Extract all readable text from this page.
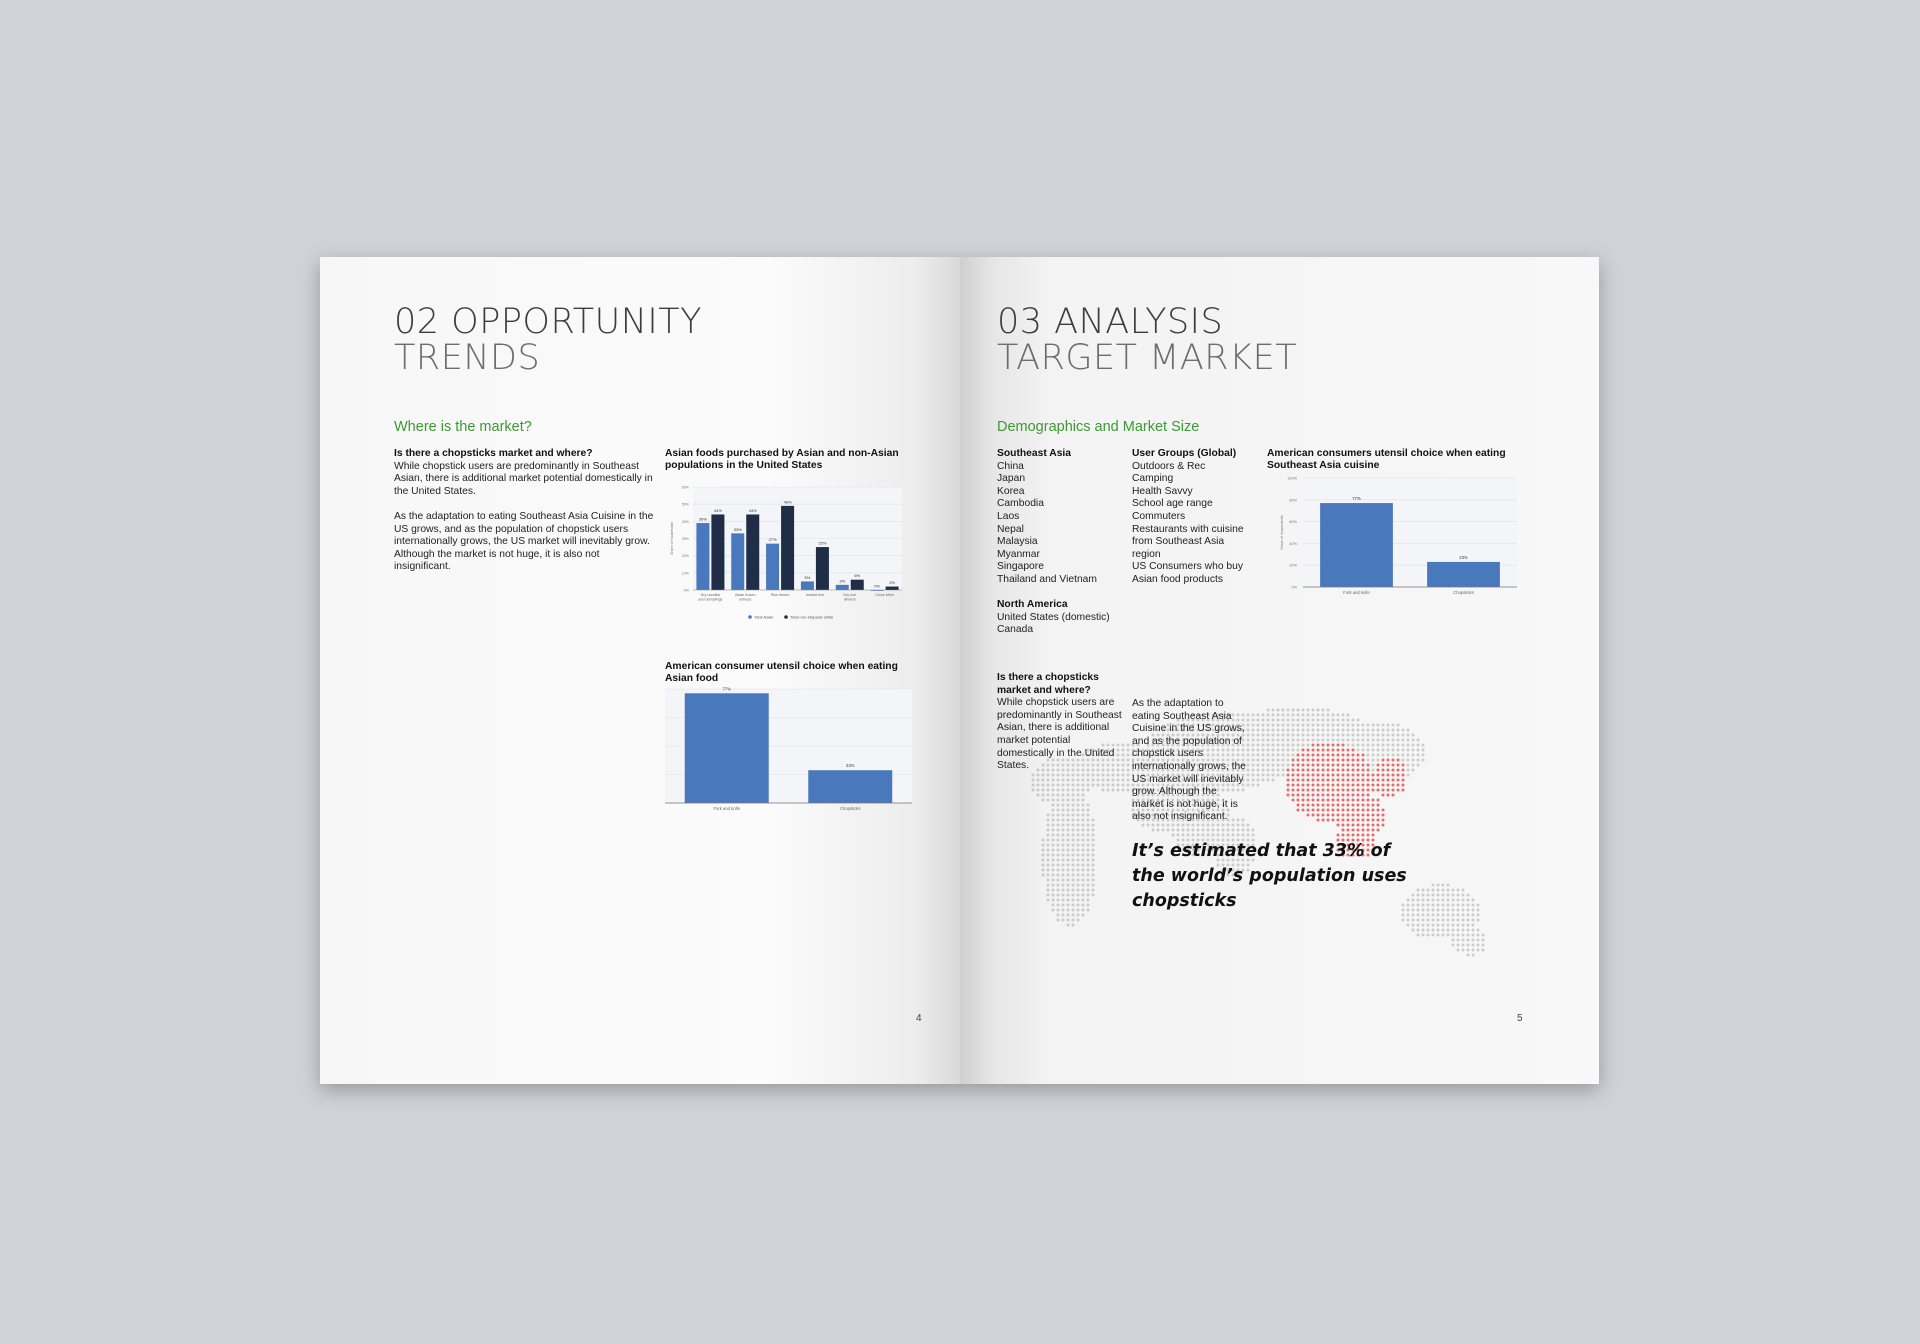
02 OPPORTUNITY
TRENDS
Where is the market?
Is there a chopsticks market and where?
While chopstick users are predominantly in Southeast Asian, there is additional market potential domestically in the United States.
As the adaptation to eating Southeast Asia Cuisine in the US grows, and as the population of chopstick users internationally grows, the US market will inevitably grow. Although the market is not huge, it is also not insignificant.
Asian foods purchased by Asian and non-Asian populations in the United States
0%
10%
20%
30%
40%
50%
60%
Share of households
39%
44%
Dry noodles
and dumplings
33%
44%
Asian frozen
entrees
27%
49%
Rice timers
5%
25%
Instant rice
3%
6%
Dry rice
dinners
0%
2%
Chow Mein
Total Asian	Total non-Hispanic white
American consumer utensil choice when eating Asian food
77%
Fork and knife
23%
Chopsticks
4
03 ANALYSIS
TARGET MARKET
Demographics and Market Size
Southeast Asia
China
Japan
Korea
Cambodia
Laos
Nepal
Malaysia
Myanmar
Singapore
Thailand and Vietnam
North America
United States (domestic)
Canada
User Groups (Global)
Outdoors & Rec
Camping
Health Savvy
School age range
Commuters
Restaurants with cuisine
from Southeast Asia
region
US Consumers who buy
Asian food products
American consumers utensil choice when eating Southeast Asia cuisine
0%
20%
40%
60%
80%
100%
Share of respondents
77%
Fork and knife
23%
Chopsticks
Is there a chopsticks market and where?
While chopstick users are predominantly in Southeast Asian, there is additional market potential domestically in the United States.
As the adaptation to eating Southeast Asia Cuisine in the US grows, and as the population of chopstick users internationally grows, the US market will inevitably grow. Although the market is not huge, it is also not insignificant.
It’s estimated that 33% of the world’s population uses chopsticks
5
